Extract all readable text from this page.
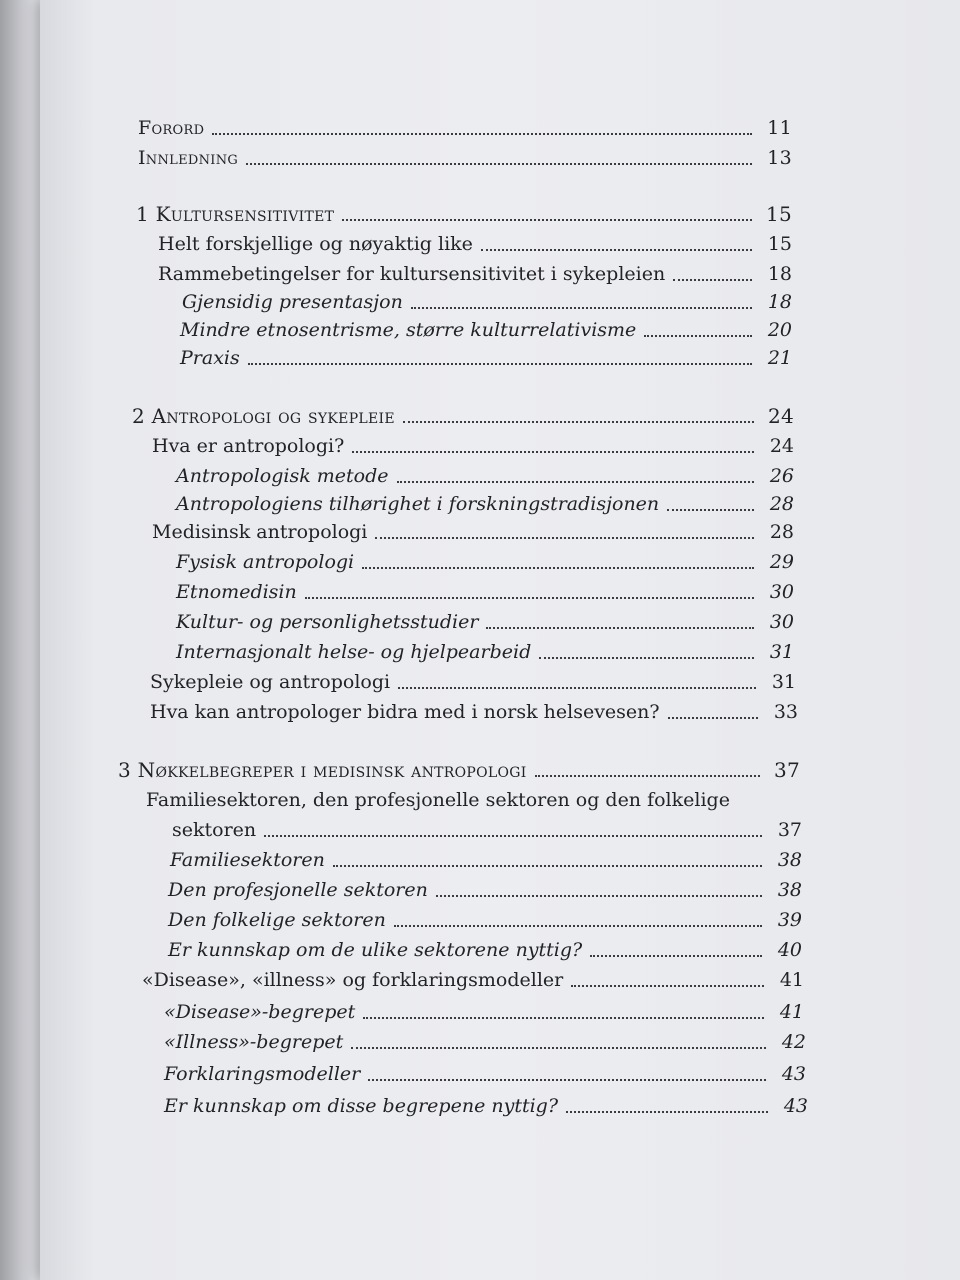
Forord	11
Innledning	13
1 Kultursensitivitet	15
Helt forskjellige og nøyaktig like	15
Rammebetingelser for kultursensitivitet i sykepleien	18
Gjensidig presentasjon	18
Mindre etnosentrisme, større kulturrelativisme	20
Praxis	21
2 Antropologi og sykepleie	24
Hva er antropologi?	24
Antropologisk metode	26
Antropologiens tilhørighet i forskningstradisjonen	28
Medisinsk antropologi	28
Fysisk antropologi	29
Etnomedisin	30
Kultur- og personlighetsstudier	30
Internasjonalt helse- og hjelpearbeid	31
Sykepleie og antropologi	31
Hva kan antropologer bidra med i norsk helsevesen?	33
3 Nøkkelbegreper i medisinsk antropologi	37
Familiesektoren, den profesjonelle sektoren og den folkelige
sektoren	37
Familiesektoren	38
Den profesjonelle sektoren	38
Den folkelige sektoren	39
Er kunnskap om de ulike sektorene nyttig?	40
«Disease», «illness» og forklaringsmodeller	41
«Disease»-begrepet	41
«Illness»-begrepet	42
Forklaringsmodeller	43
Er kunnskap om disse begrepene nyttig?	43
